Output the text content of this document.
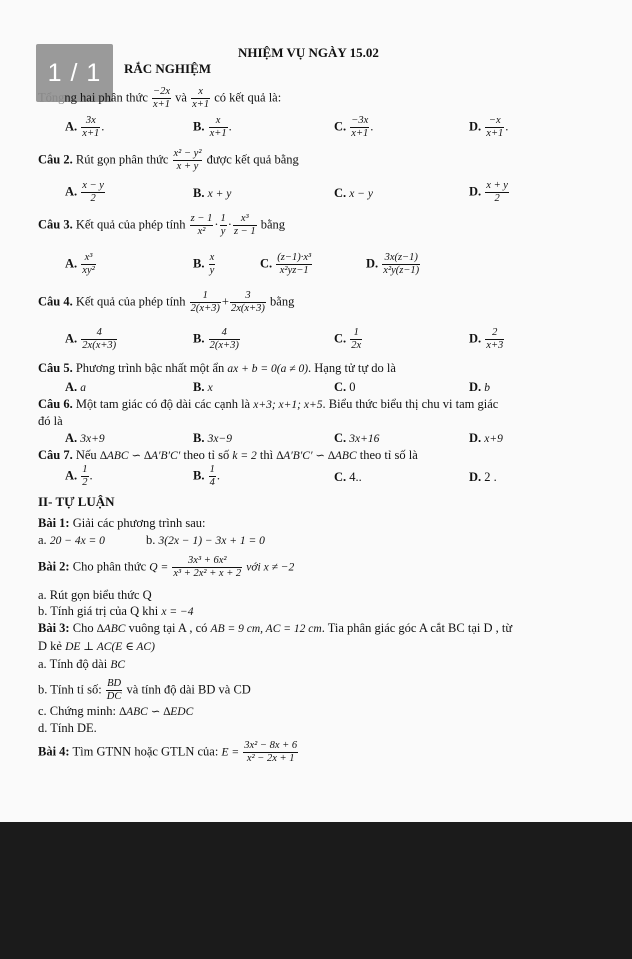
1 / 1
NHIỆM VỤ NGÀY 15.02
RẮC NGHIỆM
Tổngng hai phân thức $\frac{-2x}{x+1}$ và $\frac{x}{x+1}$ có kết quả là:
A. $\frac{3x}{x+1}$ .	B. $\frac{x}{x+1}$ .	C. $\frac{-3x}{x+1}$ .	D. $\frac{-x}{x+1}$ .
Câu 2. Rút gọn phân thức $\frac{\text{x² − y²}}{x + y}$ được kết quả bằng
A. $\frac{x - y}{2}$	B. x + y	C. x − y	D. $\frac{x + y}{2}$
Câu 3. Kết quả của phép tính $\frac{z - 1}{\text{x²}} \cdot \frac{1}{y} \cdot \frac{\text{x³}}{z - 1}$ bằng
A. $\frac{\text{x³}}{\text{xy²}}$	B. $\frac{x}{y}$	C. $\frac{\text{(z−1)·x³}}{\text{x²yz−1}}$	D. $\frac{3x(z-1)}{\text{x²y(z−1)}}$
Câu 4. Kết quả của phép tính $\frac{1}{2(x+3)} + \frac{3}{2x(x+3)}$ bằng
A. $\frac{4}{2x(x+3)}$	B. $\frac{4}{2(x+3)}$	C. $\frac{1}{2x}$	D. $\frac{2}{x+3}$
Câu 5. Phương trình bậc nhất một ẩn ax + b = 0(a ≠ 0). Hạng tử tự do là
A. a	B. x	C. 0	D. b
Câu 6. Một tam giác có độ dài các cạnh là x+3; x+1; x+5. Biểu thức biểu thị chu vi tam giác
đó là
A. 3x+9	B. 3x−9	C. 3x+16	D. x+9
Câu 7. Nếu ∆ABC ∽ ∆A′B′C′ theo tỉ số k = 2 thì ∆A′B′C′ ∽ ∆ABC theo tỉ số là
A. $\frac{1}{2}$ .	B. $\frac{1}{4}$ .	C. 4..	D. 2 .
II- TỰ LUẬN
Bài 1: Giải các phương trình sau:
a. 20 − 4x = 0	b. 3(2x − 1) − 3x + 1 = 0
Bài 2: Cho phân thức $Q = \frac{\text{3x³ + 6x²}}{\text{x³ + 2x² + x + 2}}$ với x ≠ −2
a. Rút gọn biểu thức Q
b. Tính giá trị của Q khi x = −4
Bài 3: Cho ∆ABC vuông tại A , có AB = 9 cm, AC = 12 cm. Tia phân giác góc A cắt BC tại D , từ
D kẻ DE ⊥ AC(E ∈ AC)
a. Tính độ dài BC
b. Tính tỉ số: $\frac{BD}{DC}$ và tính độ dài BD và CD
c. Chứng minh: ∆ABC ∽ ∆EDC
d. Tính DE.
Bài 4: Tìm GTNN hoặc GTLN của: $E = \frac{\text{3x² − 8x + 6}}{\text{x² − 2x + 1}}$
